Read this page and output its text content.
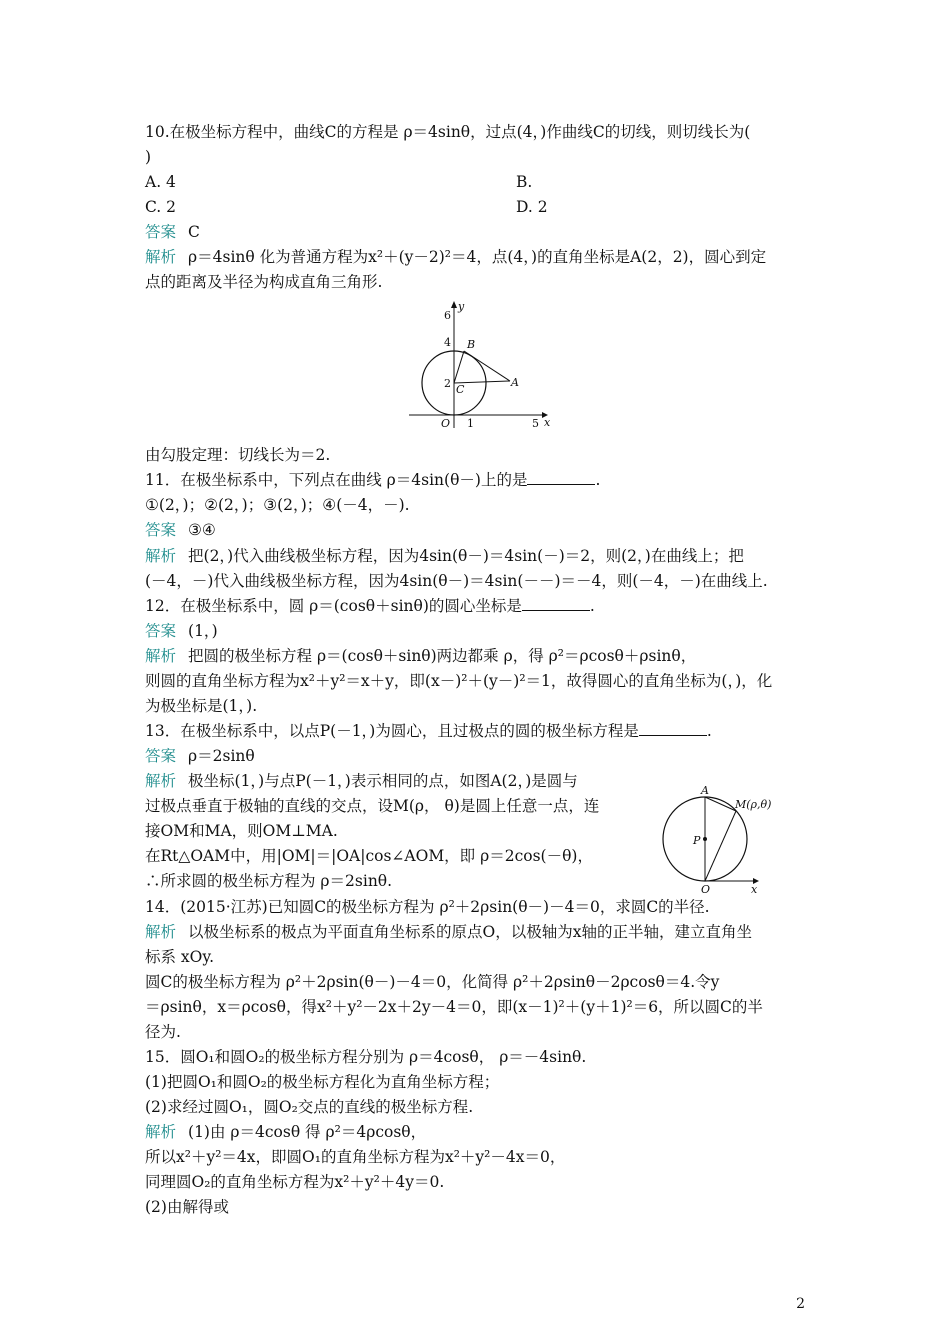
10.在极坐标方程中，曲线C的方程是 ρ＝4sinθ，过点(4，)作曲线C的切线，则切线长为(
)
A. 4	B.
C. 2	D. 2
答案 C
解析 ρ＝4sinθ 化为普通方程为x²＋(y－2)²＝4，点(4，)的直角坐标是A(2，2)，圆心到定
点的距离及半径为构成直角三角形.
y
x
6
4
2
O 1	5
B
C
A
由勾股定理：切线长为＝2.
11．在极坐标系中，下列点在曲线 ρ＝4sin(θ－)上的是	.
①(2，)；②(2，)；③(2，)；④(－4，－).
答案 ③④
解析 把(2，)代入曲线极坐标方程，因为4sin(θ－)＝4sin(－)＝2，则(2，)在曲线上；把
(－4，－)代入曲线极坐标方程，因为4sin(θ－)＝4sin(－－)＝－4，则(－4，－)在曲线上.
12．在极坐标系中，圆 ρ＝(cosθ＋sinθ)的圆心坐标是	.
答案 (1，)
解析 把圆的极坐标方程 ρ＝(cosθ＋sinθ)两边都乘 ρ，得 ρ²＝ρcosθ＋ρsinθ，
则圆的直角坐标方程为x²＋y²＝x＋y，即(x－)²＋(y－)²＝1，故得圆心的直角坐标为(，)，化
为极坐标是(1，).
13．在极坐标系中，以点P(－1，)为圆心，且过极点的圆的极坐标方程是	.
答案 ρ＝2sinθ
解析 极坐标(1，)与点P(－1，)表示相同的点，如图A(2，)是圆与
过极点垂直于极轴的直线的交点，设M(ρ， θ)是圆上任意一点，连
接OM和MA，则OM⊥MA.
在Rt△OAM中，用|OM|＝|OA|cos∠AOM，即 ρ＝2cos(－θ)，
∴所求圆的极坐标方程为 ρ＝2sinθ.
A
M(ρ,θ)
P
O	x
14．(2015·江苏)已知圆C的极坐标方程为 ρ²＋2ρsin(θ－)－4＝0，求圆C的半径.
解析 以极坐标系的极点为平面直角坐标系的原点O，以极轴为x轴的正半轴，建立直角坐
标系 xOy.
圆C的极坐标方程为 ρ²＋2ρsin(θ－)－4＝0，化简得 ρ²＋2ρsinθ－2ρcosθ＝4.令y
＝ρsinθ，x＝ρcosθ，得x²＋y²－2x＋2y－4＝0，即(x－1)²＋(y＋1)²＝6，所以圆C的半
径为.
15．圆O₁和圆O₂的极坐标方程分别为 ρ＝4cosθ， ρ＝－4sinθ.
(1)把圆O₁和圆O₂的极坐标方程化为直角坐标方程；
(2)求经过圆O₁，圆O₂交点的直线的极坐标方程.
解析 (1)由 ρ＝4cosθ 得 ρ²＝4ρcosθ，
所以x²＋y²＝4x，即圆O₁的直角坐标方程为x²＋y²－4x＝0，
同理圆O₂的直角坐标方程为x²＋y²＋4y＝0.
(2)由解得或
2
